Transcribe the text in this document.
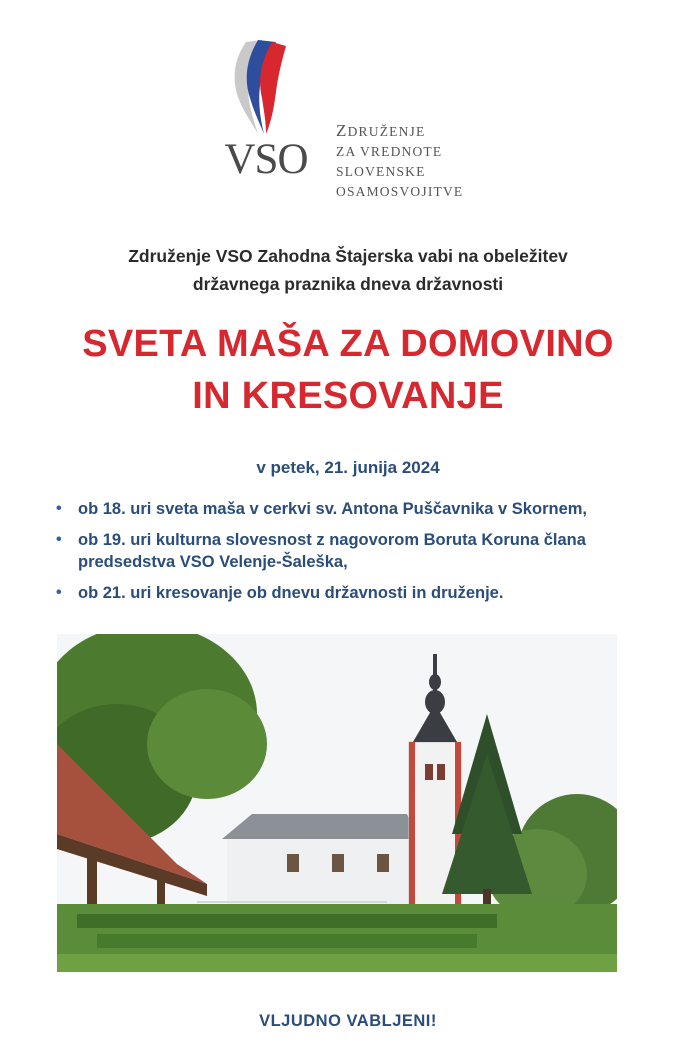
VSO
ZDRUŽENJE
ZA VREDNOTE
SLOVENSKE
OSAMOSVOJITVE
Združenje VSO Zahodna Štajerska vabi na obeležitev
državnega praznika dneva državnosti
SVETA MAŠA ZA DOMOVINO
IN KRESOVANJE
v petek, 21. junija 2024
• ob 18. uri sveta maša v cerkvi sv. Antona Puščavnika v Skornem,
• ob 19. uri kulturna slovesnost z nagovorom Boruta Koruna člana predsedstva VSO Velenje-Šaleška,
• ob 21. uri kresovanje ob dnevu državnosti in druženje.
VLJUDNO VABLJENI!
